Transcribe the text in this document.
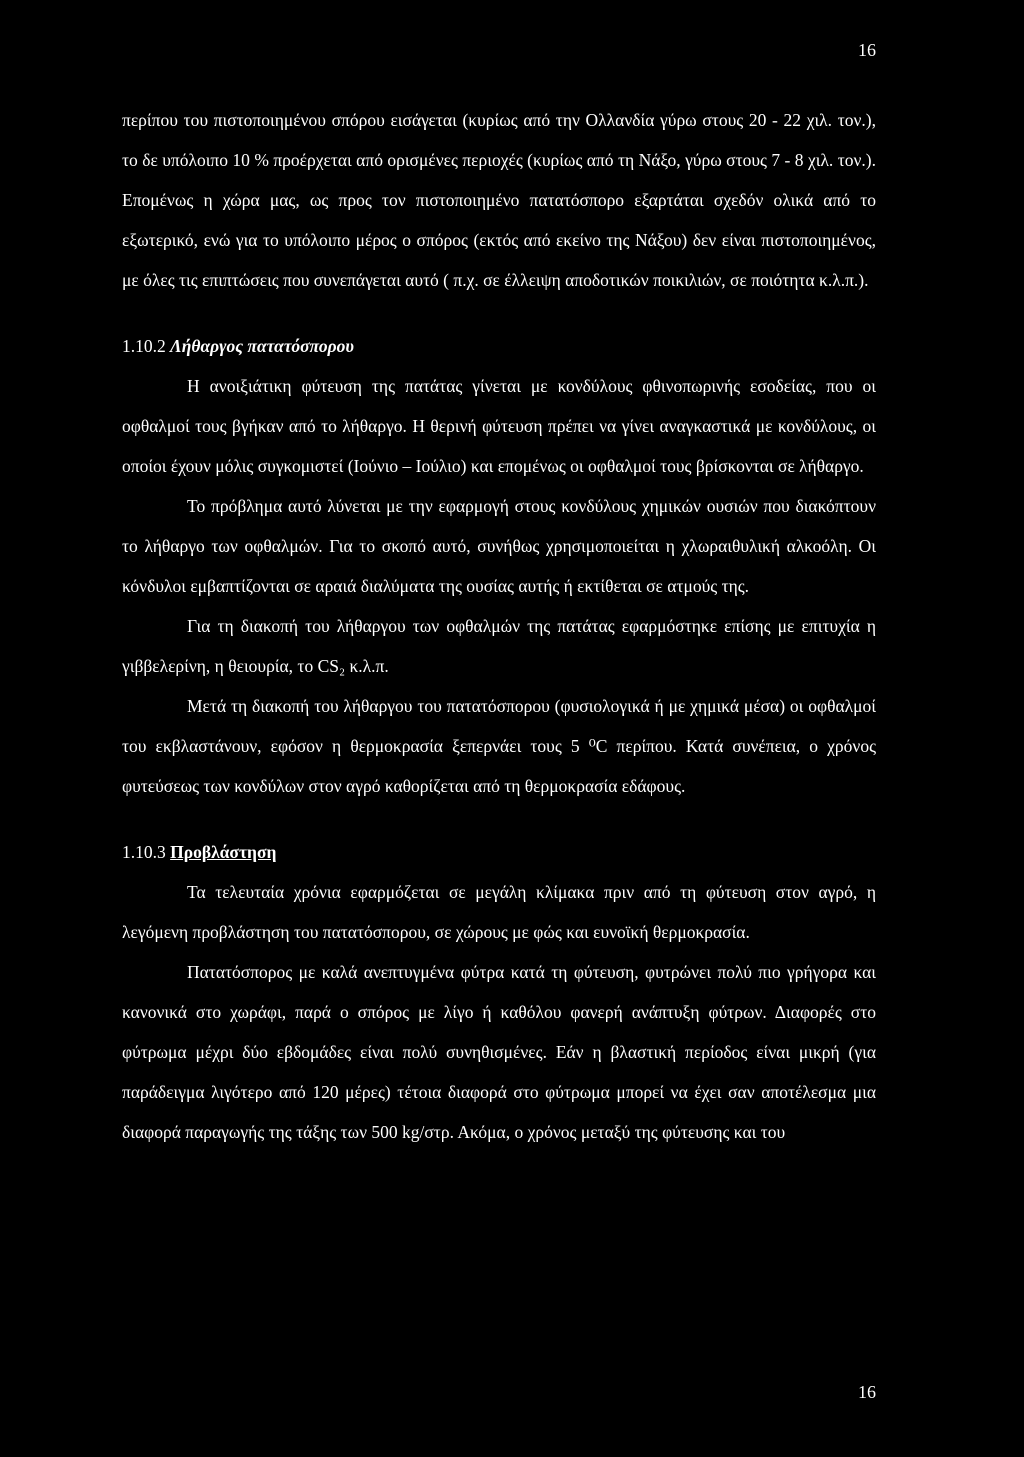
16

περίπου του πιστοποιημένου σπόρου εισάγεται (κυρίως από την Ολλανδία γύρω στους 20 - 22 χιλ. τον.), το δε υπόλοιπο 10 % προέρχεται από ορισμένες περιοχές (κυρίως από τη Νάξο, γύρω στους 7 - 8 χιλ. τον.). Επομένως η χώρα μας, ως προς τον πιστοποιημένο πατατόσπορο εξαρτάται σχεδόν ολικά από το εξωτερικό, ενώ για το υπόλοιπο μέρος ο σπόρος (εκτός από εκείνο της Νάξου) δεν είναι πιστοποιημένος, με όλες τις επιπτώσεις που συνεπάγεται αυτό ( π.χ. σε έλλειψη αποδοτικών ποικιλιών, σε ποιότητα κ.λ.π.).

1.10.2 Λήθαργος πατατόσπορου

Η ανοιξιάτικη φύτευση της πατάτας γίνεται με κονδύλους φθινοπωρινής εσοδείας, που οι οφθαλμοί τους βγήκαν από το λήθαργο. Η θερινή φύτευση πρέπει να γίνει αναγκαστικά με κονδύλους, οι οποίοι έχουν μόλις συγκομιστεί (Ιούνιο – Ιούλιο) και επομένως οι οφθαλμοί τους βρίσκονται σε λήθαργο.

Το πρόβλημα αυτό λύνεται με την εφαρμογή στους κονδύλους χημικών ουσιών που διακόπτουν το λήθαργο των οφθαλμών. Για το σκοπό αυτό, συνήθως χρησιμοποιείται η χλωραιθυλική αλκοόλη. Οι κόνδυλοι εμβαπτίζονται σε αραιά διαλύματα της ουσίας αυτής ή εκτίθεται σε ατμούς της.

Για τη διακοπή του λήθαργου των οφθαλμών της πατάτας εφαρμόστηκε επίσης με επιτυχία η γιββελερίνη, η θειουρία, το CS₂ κ.λ.π.

Μετά τη διακοπή του λήθαργου του πατατόσπορου (φυσιολογικά ή με χημικά μέσα) οι οφθαλμοί του εκβλαστάνουν, εφόσον η θερμοκρασία ξεπερνάει τους 5 ⁰C περίπου. Κατά συνέπεια, ο χρόνος φυτεύσεως των κονδύλων στον αγρό καθορίζεται από τη θερμοκρασία εδάφους.

1.10.3 Προβλάστηση

Τα τελευταία χρόνια εφαρμόζεται σε μεγάλη κλίμακα πριν από τη φύτευση στον αγρό, η λεγόμενη προβλάστηση του πατατόσπορου, σε χώρους με φώς και ευνοϊκή θερμοκρασία.

Πατατόσπορος με καλά ανεπτυγμένα φύτρα κατά τη φύτευση, φυτρώνει πολύ πιο γρήγορα και κανονικά στο χωράφι, παρά ο σπόρος με λίγο ή καθόλου φανερή ανάπτυξη φύτρων. Διαφορές στο φύτρωμα μέχρι δύο εβδομάδες είναι πολύ συνηθισμένες. Εάν η βλαστική περίοδος είναι μικρή (για παράδειγμα λιγότερο από 120 μέρες) τέτοια διαφορά στο φύτρωμα μπορεί να έχει σαν αποτέλεσμα μια διαφορά παραγωγής της τάξης των 500 kg/στρ. Ακόμα, ο χρόνος μεταξύ της φύτευσης και του

16
